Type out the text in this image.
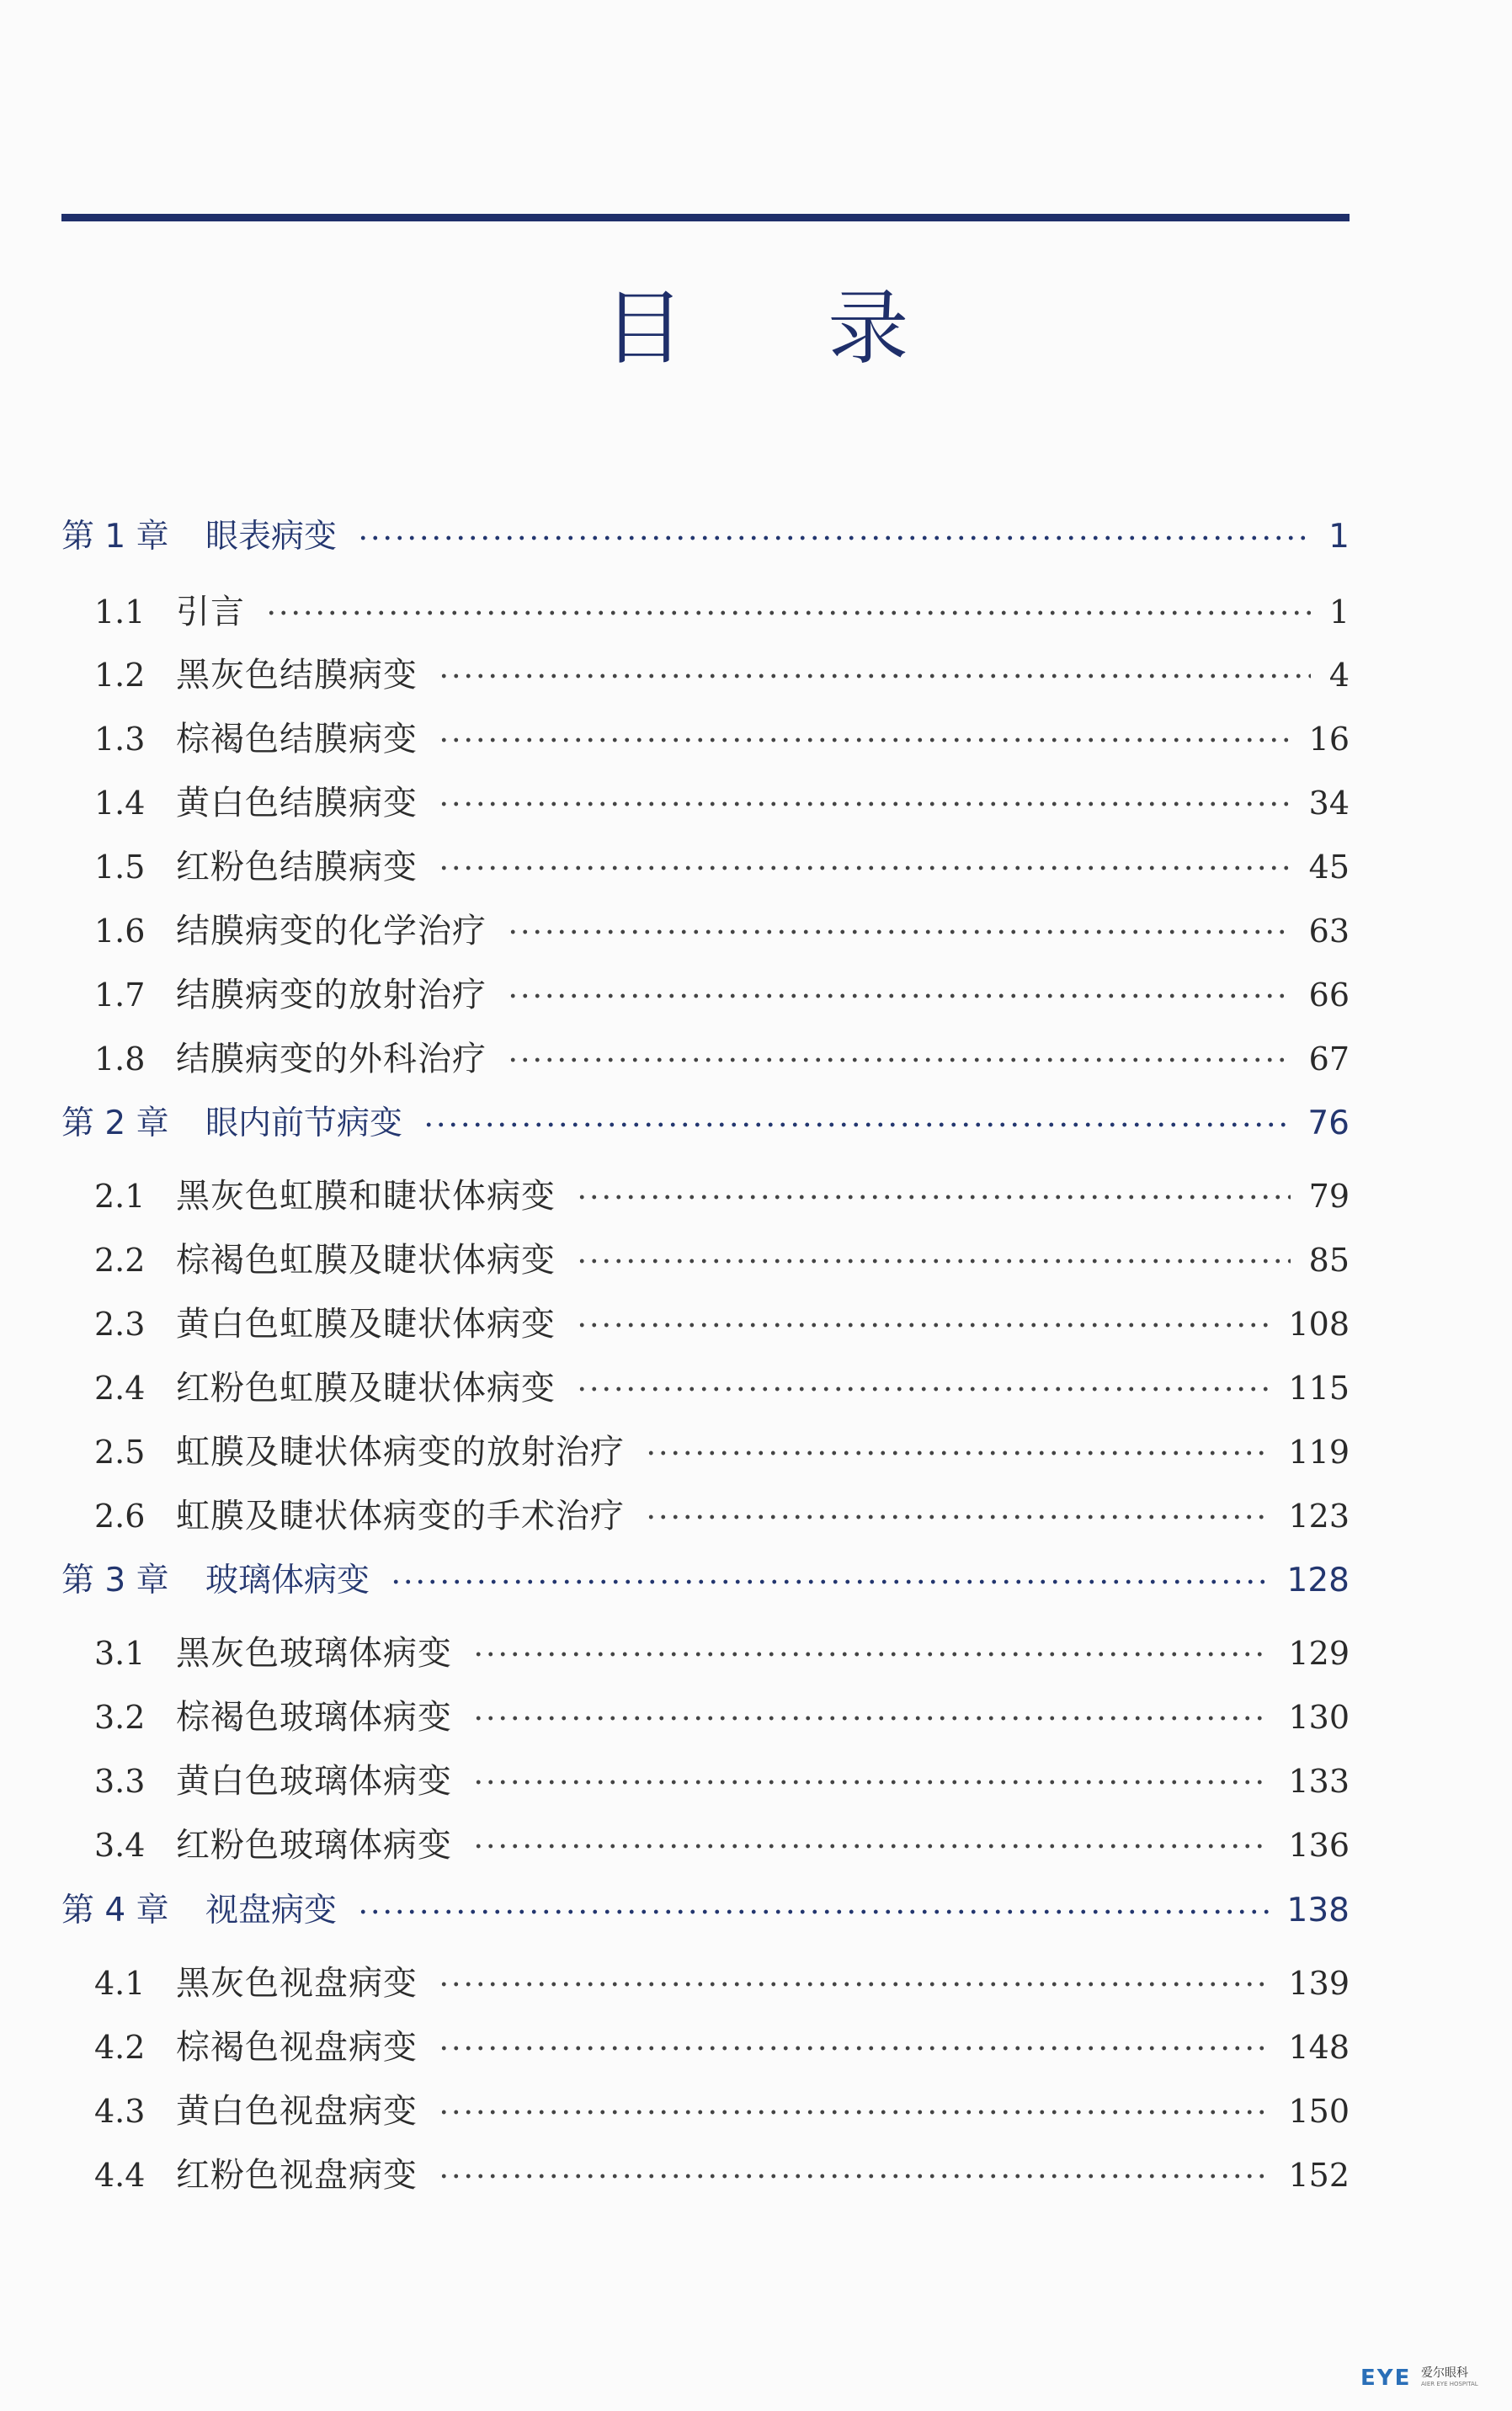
目 录
第 1 章 眼表病变	1
1.1 引言	1
1.2 黑灰色结膜病变	4
1.3 棕褐色结膜病变	16
1.4 黄白色结膜病变	34
1.5 红粉色结膜病变	45
1.6 结膜病变的化学治疗	63
1.7 结膜病变的放射治疗	66
1.8 结膜病变的外科治疗	67
第 2 章 眼内前节病变	76
2.1 黑灰色虹膜和睫状体病变	79
2.2 棕褐色虹膜及睫状体病变	85
2.3 黄白色虹膜及睫状体病变	108
2.4 红粉色虹膜及睫状体病变	115
2.5 虹膜及睫状体病变的放射治疗	119
2.6 虹膜及睫状体病变的手术治疗	123
第 3 章 玻璃体病变	128
3.1 黑灰色玻璃体病变	129
3.2 棕褐色玻璃体病变	130
3.3 黄白色玻璃体病变	133
3.4 红粉色玻璃体病变	136
第 4 章 视盘病变	138
4.1 黑灰色视盘病变	139
4.2 棕褐色视盘病变	148
4.3 黄白色视盘病变	150
4.4 红粉色视盘病变	152
EYE 爱尔眼科
AIER EYE HOSPITAL
